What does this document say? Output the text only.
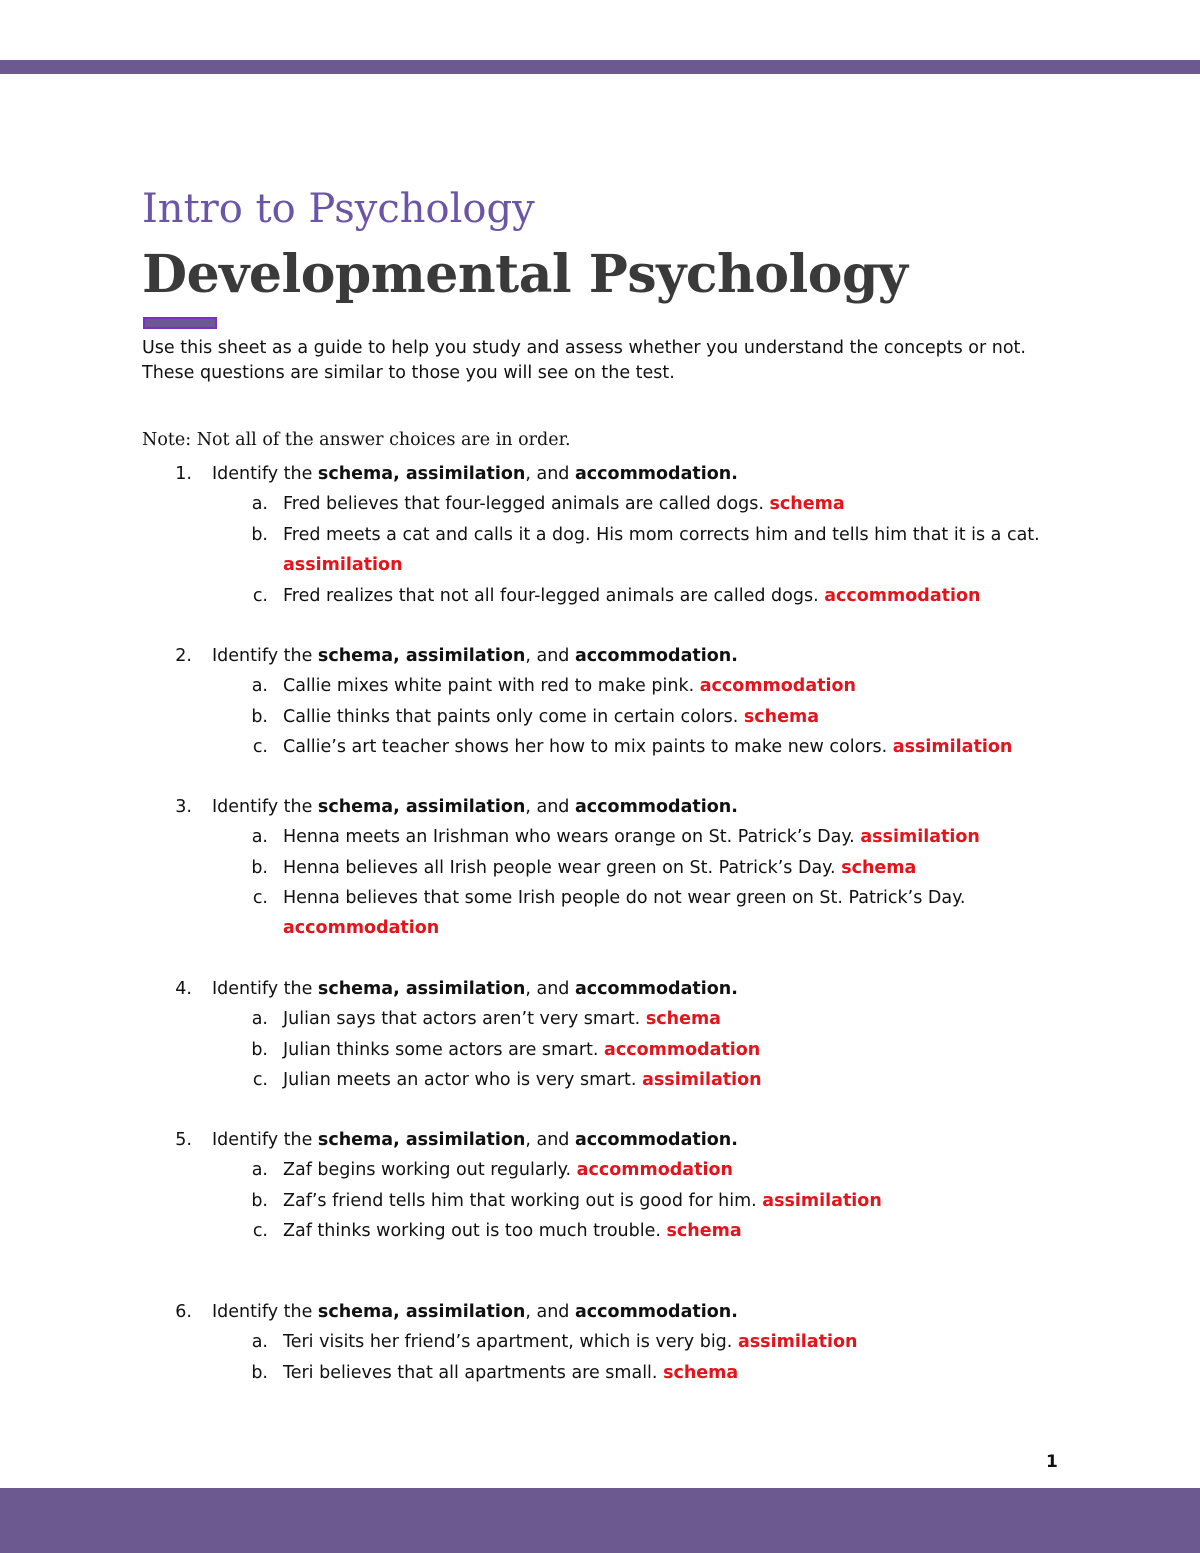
Intro to Psychology
Developmental Psychology
Use this sheet as a guide to help you study and assess whether you understand the concepts or not.
These questions are similar to those you will see on the test.
Note: Not all of the answer choices are in order.
1. Identify the schema, assimilation, and accommodation.
a. Fred believes that four-legged animals are called dogs. schema
b. Fred meets a cat and calls it a dog. His mom corrects him and tells him that it is a cat.
assimilation
c. Fred realizes that not all four-legged animals are called dogs. accommodation
2. Identify the schema, assimilation, and accommodation.
a. Callie mixes white paint with red to make pink. accommodation
b. Callie thinks that paints only come in certain colors. schema
c. Callie’s art teacher shows her how to mix paints to make new colors. assimilation
3. Identify the schema, assimilation, and accommodation.
a. Henna meets an Irishman who wears orange on St. Patrick’s Day. assimilation
b. Henna believes all Irish people wear green on St. Patrick’s Day. schema
c. Henna believes that some Irish people do not wear green on St. Patrick’s Day.
accommodation
4. Identify the schema, assimilation, and accommodation.
a. Julian says that actors aren’t very smart. schema
b. Julian thinks some actors are smart. accommodation
c. Julian meets an actor who is very smart. assimilation
5. Identify the schema, assimilation, and accommodation.
a. Zaf begins working out regularly. accommodation
b. Zaf’s friend tells him that working out is good for him. assimilation
c. Zaf thinks working out is too much trouble. schema
6. Identify the schema, assimilation, and accommodation.
a. Teri visits her friend’s apartment, which is very big. assimilation
b. Teri believes that all apartments are small. schema
1
